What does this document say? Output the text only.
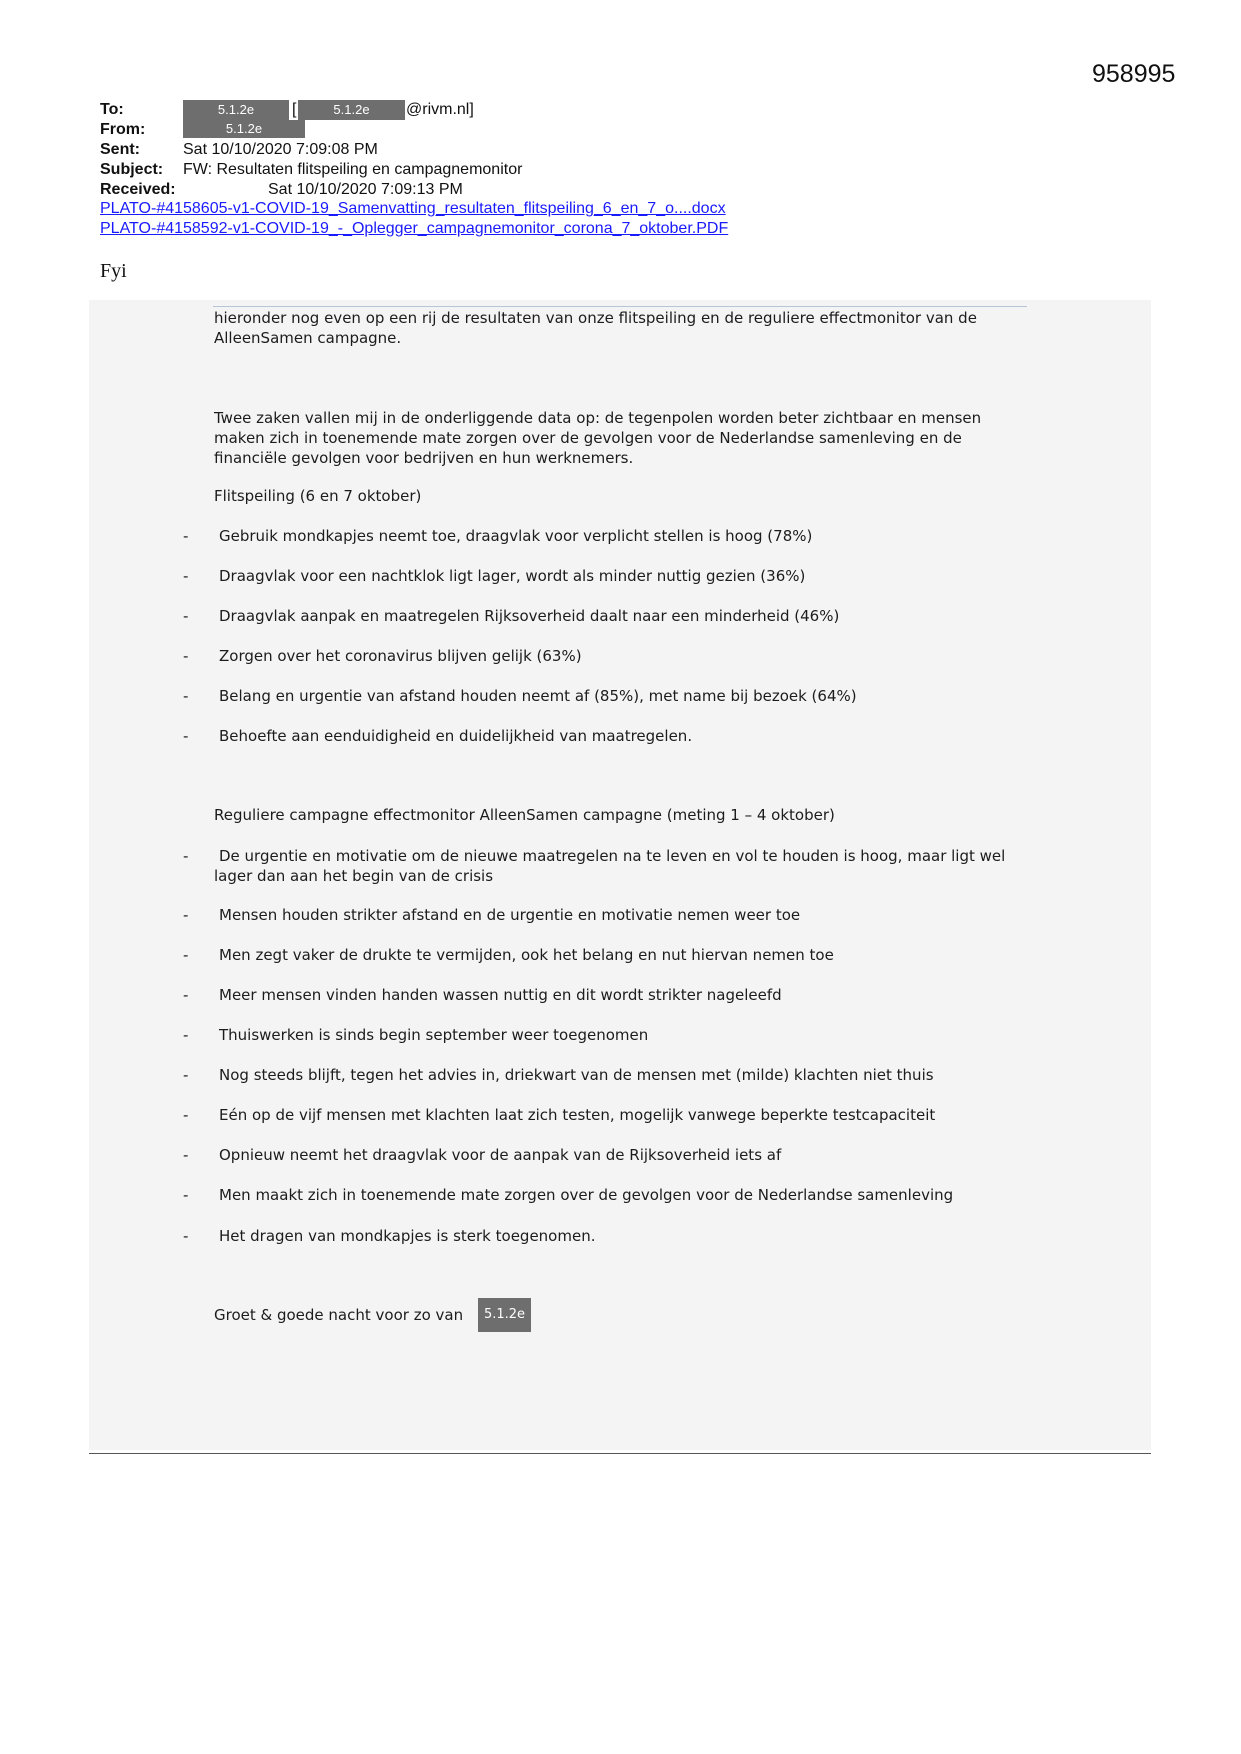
958995
To:	5.1.2e	[	5.1.2e	@rivm.nl]
From:	5.1.2e
Sent:	Sat 10/10/2020 7:09:08 PM
Subject: FW: Resultaten flitspeiling en campagnemonitor
Received:	Sat 10/10/2020 7:09:13 PM
PLATO-#4158605-v1-COVID-19_Samenvatting_resultaten_flitspeiling_6_en_7_o....docx
PLATO-#4158592-v1-COVID-19_-_Oplegger_campagnemonitor_corona_7_oktober.PDF
Fyi
hieronder nog even op een rij de resultaten van onze flitspeiling en de reguliere effectmonitor van de AlleenSamen campagne.
Twee zaken vallen mij in de onderliggende data op: de tegenpolen worden beter zichtbaar en mensen maken zich in toenemende mate zorgen over de gevolgen voor de Nederlandse samenleving en de financiële gevolgen voor bedrijven en hun werknemers.
Flitspeiling (6 en 7 oktober)
- Gebruik mondkapjes neemt toe, draagvlak voor verplicht stellen is hoog (78%)
- Draagvlak voor een nachtklok ligt lager, wordt als minder nuttig gezien (36%)
- Draagvlak aanpak en maatregelen Rijksoverheid daalt naar een minderheid (46%)
- Zorgen over het coronavirus blijven gelijk (63%)
- Belang en urgentie van afstand houden neemt af (85%), met name bij bezoek (64%)
- Behoefte aan eenduidigheid en duidelijkheid van maatregelen.
Reguliere campagne effectmonitor AlleenSamen campagne (meting 1 – 4 oktober)
-	De urgentie en motivatie om de nieuwe maatregelen na te leven en vol te houden is hoog, maar ligt wel lager dan aan het begin van de crisis
- Mensen houden strikter afstand en de urgentie en motivatie nemen weer toe
- Men zegt vaker de drukte te vermijden, ook het belang en nut hiervan nemen toe
- Meer mensen vinden handen wassen nuttig en dit wordt strikter nageleefd
- Thuiswerken is sinds begin september weer toegenomen
- Nog steeds blijft, tegen het advies in, driekwart van de mensen met (milde) klachten niet thuis
- Eén op de vijf mensen met klachten laat zich testen, mogelijk vanwege beperkte testcapaciteit
- Opnieuw neemt het draagvlak voor de aanpak van de Rijksoverheid iets af
- Men maakt zich in toenemende mate zorgen over de gevolgen voor de Nederlandse samenleving
- Het dragen van mondkapjes is sterk toegenomen.
Groet & goede nacht voor zo van	5.1.2e
